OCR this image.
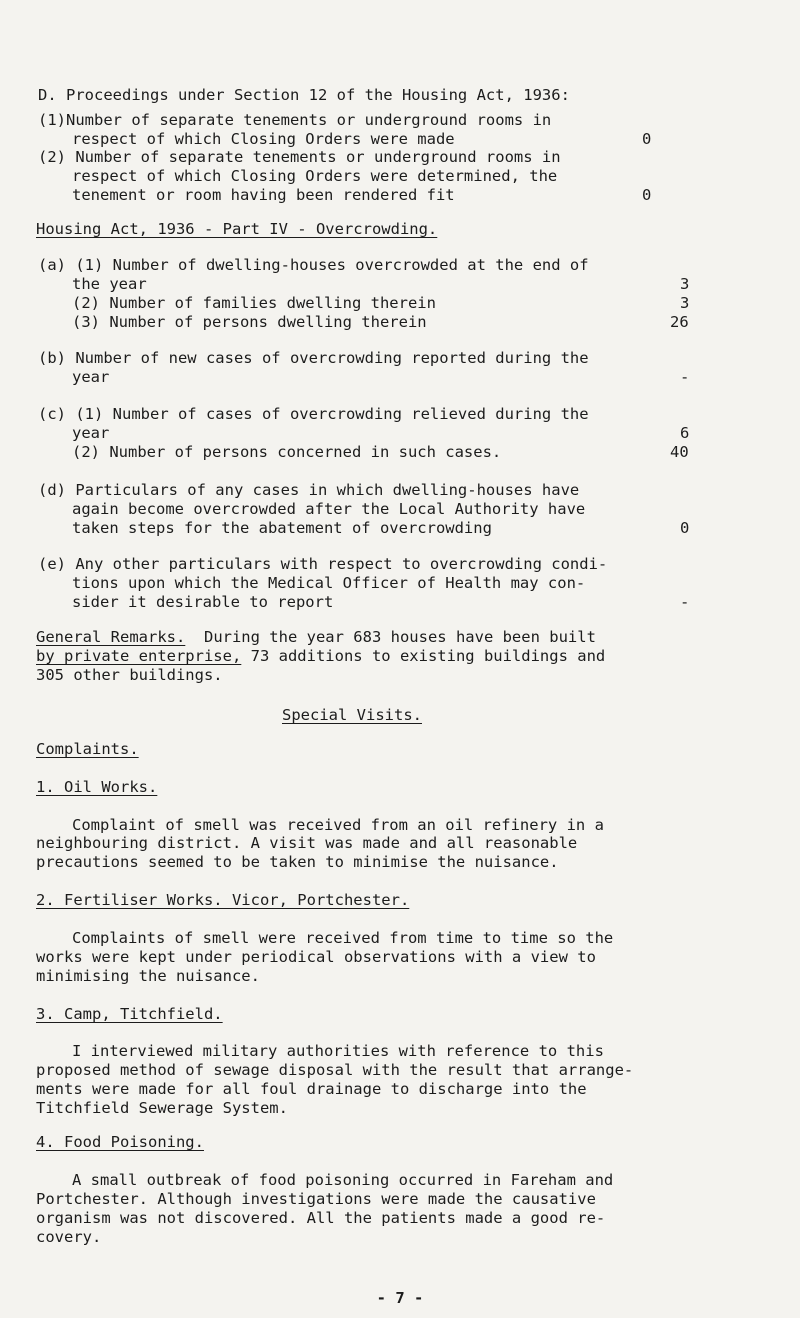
D. Proceedings under Section 12 of the Housing Act, 1936:
(1)Number of separate tenements or underground rooms in
respect of which Closing Orders were made	0
(2) Number of separate tenements or underground rooms in
respect of which Closing Orders were determined, the
tenement or room having been rendered fit	0
Housing Act, 1936 - Part IV - Overcrowding.
(a) (1) Number of dwelling-houses overcrowded at the end of
the year	3
(2) Number of families dwelling therein	3
(3) Number of persons dwelling therein	26
(b) Number of new cases of overcrowding reported during the
year	-
(c) (1) Number of cases of overcrowding relieved during the
year	6
(2) Number of persons concerned in such cases.	40
(d) Particulars of any cases in which dwelling-houses have
again become overcrowded after the Local Authority have
taken steps for the abatement of overcrowding	0
(e) Any other particulars with respect to overcrowding condi-
tions upon which the Medical Officer of Health may con-
sider it desirable to report	-
General Remarks. During the year 683 houses have been built
by private enterprise, 73 additions to existing buildings and
305 other buildings.
Special Visits.
Complaints.
1. Oil Works.
Complaint of smell was received from an oil refinery in a
neighbouring district. A visit was made and all reasonable
precautions seemed to be taken to minimise the nuisance.
2. Fertiliser Works. Vicor, Portchester.
Complaints of smell were received from time to time so the
works were kept under periodical observations with a view to
minimising the nuisance.
3. Camp, Titchfield.
I interviewed military authorities with reference to this
proposed method of sewage disposal with the result that arrange-
ments were made for all foul drainage to discharge into the
Titchfield Sewerage System.
4. Food Poisoning.
A small outbreak of food poisoning occurred in Fareham and
Portchester. Although investigations were made the causative
organism was not discovered. All the patients made a good re-
covery.
- 7 -
